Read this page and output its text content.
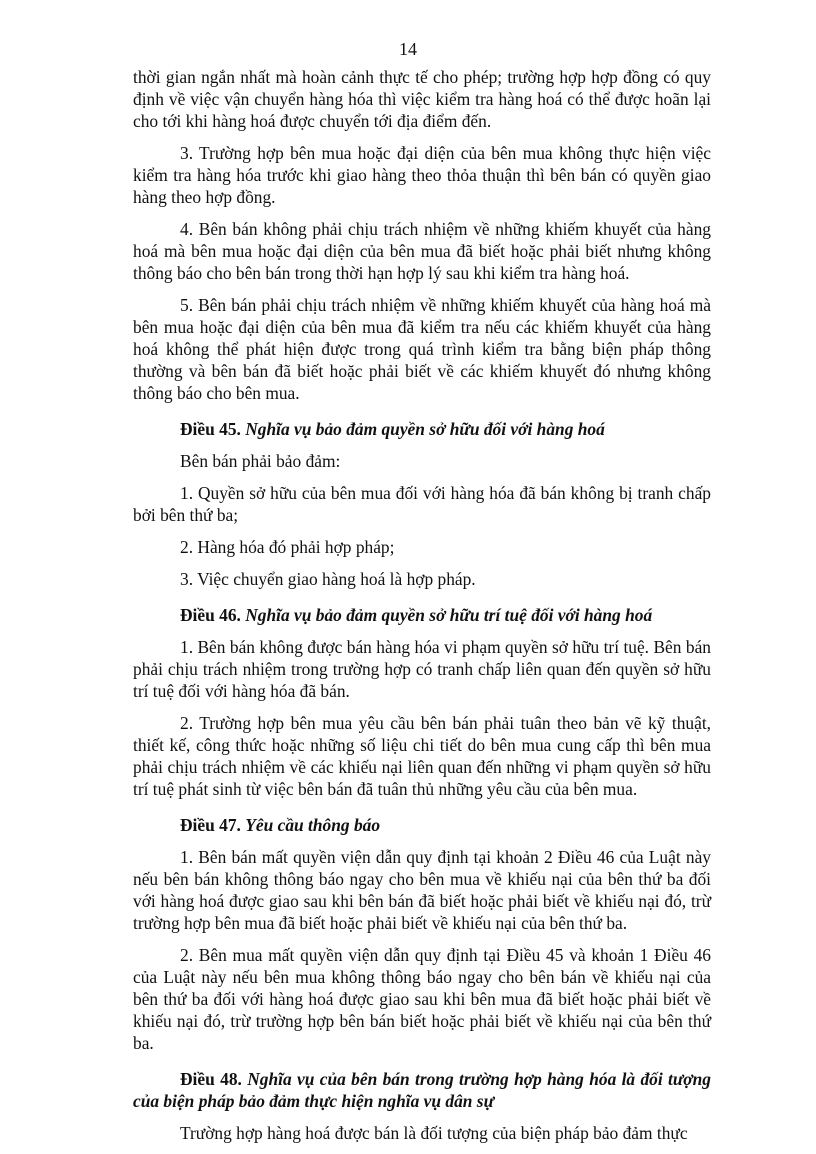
14

thời gian ngắn nhất mà hoàn cảnh thực tế cho phép; trường hợp hợp đồng có quy định về việc vận chuyển hàng hóa thì việc kiểm tra hàng hoá có thể được hoãn lại cho tới khi hàng hoá được chuyển tới địa điểm đến.

3. Trường hợp bên mua hoặc đại diện của bên mua không thực hiện việc kiểm tra hàng hóa trước khi giao hàng theo thỏa thuận thì bên bán có quyền giao hàng theo hợp đồng.

4. Bên bán không phải chịu trách nhiệm về những khiếm khuyết của hàng hoá mà bên mua hoặc đại diện của bên mua đã biết hoặc phải biết nhưng không thông báo cho bên bán trong thời hạn hợp lý sau khi kiểm tra hàng hoá.

5. Bên bán phải chịu trách nhiệm về những khiếm khuyết của hàng hoá mà bên mua hoặc đại diện của bên mua đã kiểm tra nếu các khiếm khuyết của hàng hoá không thể phát hiện được trong quá trình kiểm tra bằng biện pháp thông thường và bên bán đã biết hoặc phải biết về các khiếm khuyết đó nhưng không thông báo cho bên mua.

Điều 45. Nghĩa vụ bảo đảm quyền sở hữu đối với hàng hoá

Bên bán phải bảo đảm:

1. Quyền sở hữu của bên mua đối với hàng hóa đã bán không bị tranh chấp bởi bên thứ ba;

2. Hàng hóa đó phải hợp pháp;

3. Việc chuyển giao hàng hoá là hợp pháp.

Điều 46. Nghĩa vụ bảo đảm quyền sở hữu trí tuệ đối với hàng hoá

1. Bên bán không được bán hàng hóa vi phạm quyền sở hữu trí tuệ. Bên bán phải chịu trách nhiệm trong trường hợp có tranh chấp liên quan đến quyền sở hữu trí tuệ đối với hàng hóa đã bán.

2. Trường hợp bên mua yêu cầu bên bán phải tuân theo bản vẽ kỹ thuật, thiết kế, công thức hoặc những số liệu chi tiết do bên mua cung cấp thì bên mua phải chịu trách nhiệm về các khiếu nại liên quan đến những vi phạm quyền sở hữu trí tuệ phát sinh từ việc bên bán đã tuân thủ những yêu cầu của bên mua.

Điều 47. Yêu cầu thông báo

1. Bên bán mất quyền viện dẫn quy định tại khoản 2 Điều 46 của Luật này nếu bên bán không thông báo ngay cho bên mua về khiếu nại của bên thứ ba đối với hàng hoá được giao sau khi bên bán đã biết hoặc phải biết về khiếu nại đó, trừ trường hợp bên mua đã biết hoặc phải biết về khiếu nại của bên thứ ba.

2. Bên mua mất quyền viện dẫn quy định tại Điều 45 và khoản 1 Điều 46 của Luật này nếu bên mua không thông báo ngay cho bên bán về khiếu nại của bên thứ ba đối với hàng hoá được giao sau khi bên mua đã biết hoặc phải biết về khiếu nại đó, trừ trường hợp bên bán biết hoặc phải biết về khiếu nại của bên thứ ba.

Điều 48. Nghĩa vụ của bên bán trong trường hợp hàng hóa là đối tượng của biện pháp bảo đảm thực hiện nghĩa vụ dân sự

Trường hợp hàng hoá được bán là đối tượng của biện pháp bảo đảm thực
